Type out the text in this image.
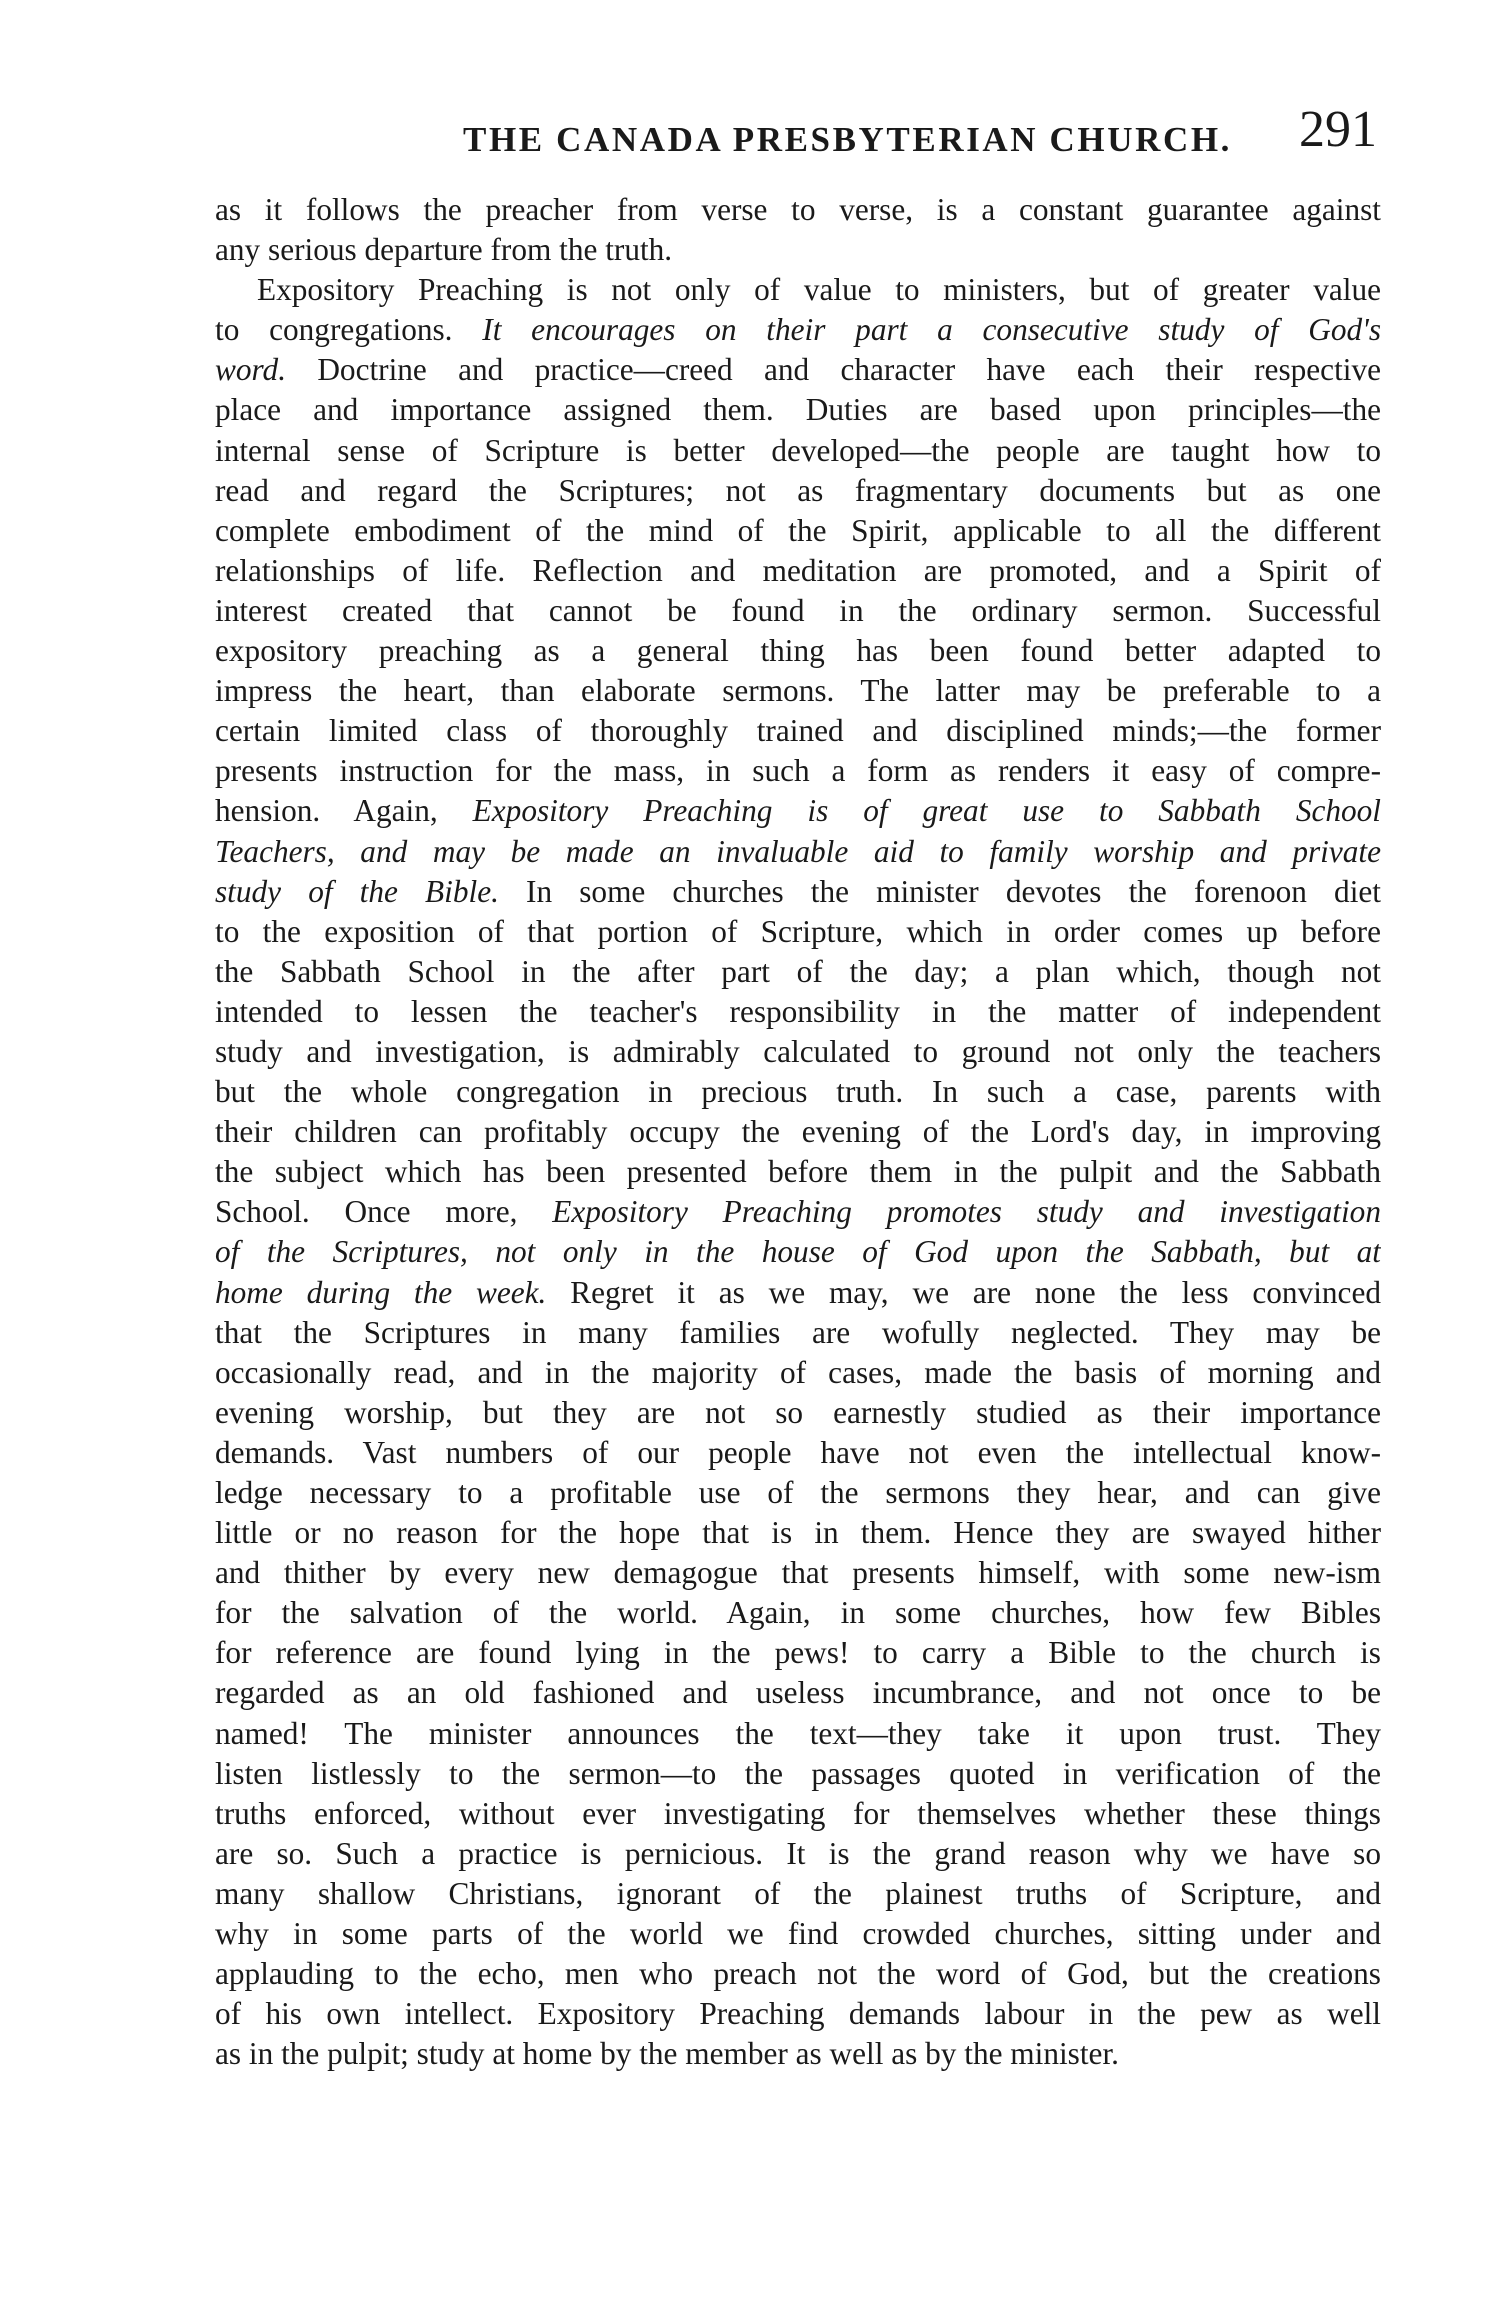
THE CANADA PRESBYTERIAN CHURCH. 291
as it follows the preacher from verse to verse, is a constant guarantee against
any serious departure from the truth.
Expository Preaching is not only of value to ministers, but of greater value
to congregations. It encourages on their part a consecutive study of God's
word. Doctrine and practice—creed and character have each their respective
place and importance assigned them. Duties are based upon principles—the
internal sense of Scripture is better developed—the people are taught how to
read and regard the Scriptures; not as fragmentary documents but as one
complete embodiment of the mind of the Spirit, applicable to all the different
relationships of life. Reflection and meditation are promoted, and a Spirit of
interest created that cannot be found in the ordinary sermon. Successful
expository preaching as a general thing has been found better adapted to
impress the heart, than elaborate sermons. The latter may be preferable to a
certain limited class of thoroughly trained and disciplined minds;—the former
presents instruction for the mass, in such a form as renders it easy of compre-
hension. Again, Expository Preaching is of great use to Sabbath School
Teachers, and may be made an invaluable aid to family worship and private
study of the Bible. In some churches the minister devotes the forenoon diet
to the exposition of that portion of Scripture, which in order comes up before
the Sabbath School in the after part of the day; a plan which, though not
intended to lessen the teacher's responsibility in the matter of independent
study and investigation, is admirably calculated to ground not only the teachers
but the whole congregation in precious truth. In such a case, parents with
their children can profitably occupy the evening of the Lord's day, in improving
the subject which has been presented before them in the pulpit and the Sabbath
School. Once more, Expository Preaching promotes study and investigation
of the Scriptures, not only in the house of God upon the Sabbath, but at
home during the week. Regret it as we may, we are none the less convinced
that the Scriptures in many families are wofully neglected. They may be
occasionally read, and in the majority of cases, made the basis of morning and
evening worship, but they are not so earnestly studied as their importance
demands. Vast numbers of our people have not even the intellectual know-
ledge necessary to a profitable use of the sermons they hear, and can give
little or no reason for the hope that is in them. Hence they are swayed hither
and thither by every new demagogue that presents himself, with some new-ism
for the salvation of the world. Again, in some churches, how few Bibles
for reference are found lying in the pews! to carry a Bible to the church is
regarded as an old fashioned and useless incumbrance, and not once to be
named! The minister announces the text—they take it upon trust. They
listen listlessly to the sermon—to the passages quoted in verification of the
truths enforced, without ever investigating for themselves whether these things
are so. Such a practice is pernicious. It is the grand reason why we have so
many shallow Christians, ignorant of the plainest truths of Scripture, and
why in some parts of the world we find crowded churches, sitting under and
applauding to the echo, men who preach not the word of God, but the creations
of his own intellect. Expository Preaching demands labour in the pew as well
as in the pulpit; study at home by the member as well as by the minister.
